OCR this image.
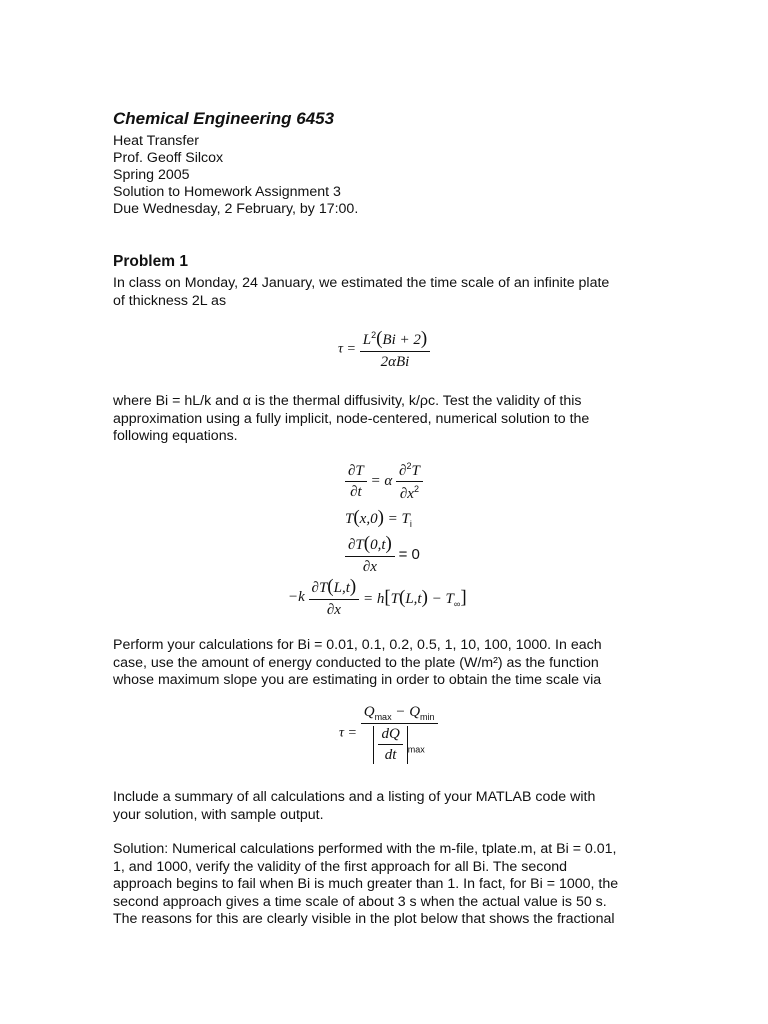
Chemical Engineering 6453
Heat Transfer
Prof. Geoff Silcox
Spring 2005
Solution to Homework Assignment 3
Due Wednesday, 2 February, by 17:00.
Problem 1
In class on Monday, 24 January, we estimated the time scale of an infinite plate
of thickness 2L as
$\tau = \frac{L^2(Bi + 2)}{\text{2αBi}}$
where Bi = hL/k and α is the thermal diffusivity, k/ρc. Test the validity of this
approximation using a fully implicit, node-centered, numerical solution to the
following equations.
$\frac{\partial T}{\partial t} = \alpha \frac{\partial^2T}{\partial x^2}$
$T(x,0) = T_i$
$\frac{\partial T(0,t)}{\partial x} = 0$
$-k \frac{\partial T(L,t)}{\partial x} = h[T(L,t) - T_\infty]$
Perform your calculations for Bi = 0.01, 0.1, 0.2, 0.5, 1, 10, 100, 1000. In each
case, use the amount of energy conducted to the plate (W/m²) as the function
whose maximum slope you are estimating in order to obtain the time scale via
$\tau = \frac{Q_{max} - Q_{min}}{\frac{dQ}{dt} _{max}}$
Include a summary of all calculations and a listing of your MATLAB code with
your solution, with sample output.
Solution: Numerical calculations performed with the m-file, tplate.m, at Bi = 0.01,
1, and 1000, verify the validity of the first approach for all Bi. The second
approach begins to fail when Bi is much greater than 1. In fact, for Bi = 1000, the
second approach gives a time scale of about 3 s when the actual value is 50 s.
The reasons for this are clearly visible in the plot below that shows the fractional
